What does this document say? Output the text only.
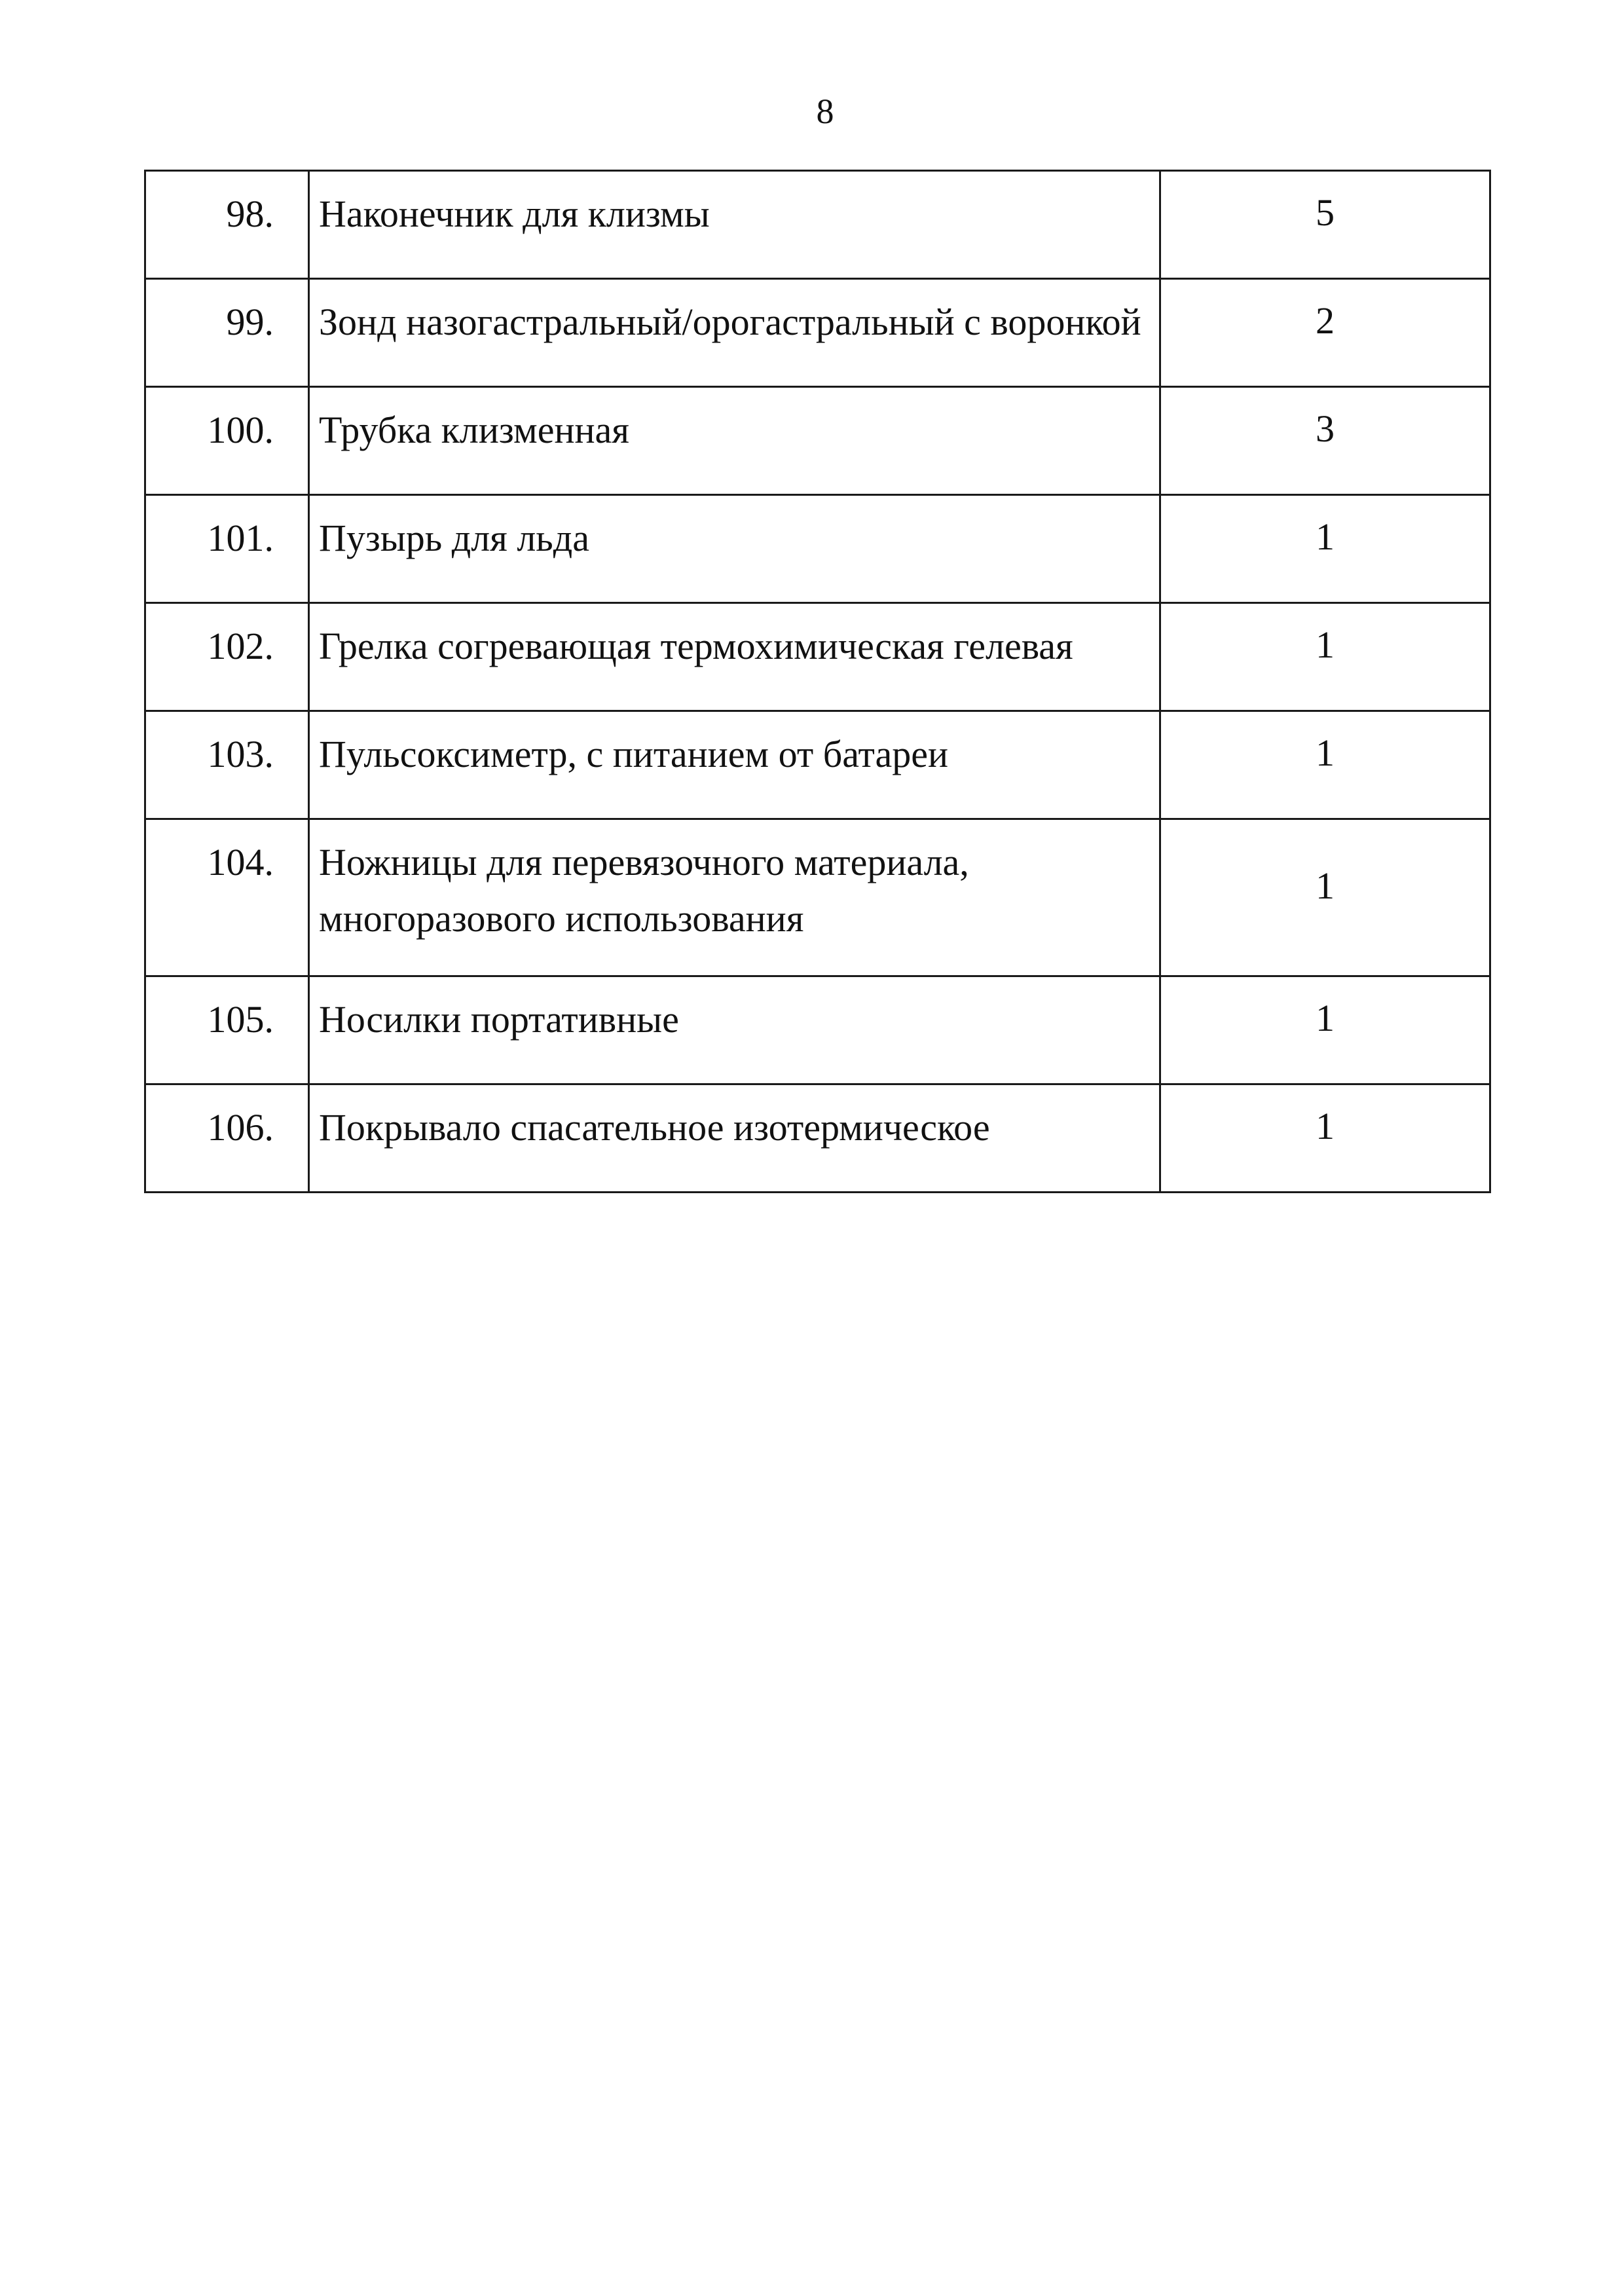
8
98.	Наконечник для клизмы	5
99.	Зонд назогастральный/орогастральный с воронкой	2
100.	Трубка клизменная	3
101.	Пузырь для льда	1
102.	Грелка согревающая термохимическая гелевая	1
103.	Пульсоксиметр, с питанием от батареи	1
104.	Ножницы для перевязочного материала, многоразового использования	1
105.	Носилки портативные	1
106.	Покрывало спасательное изотермическое	1
